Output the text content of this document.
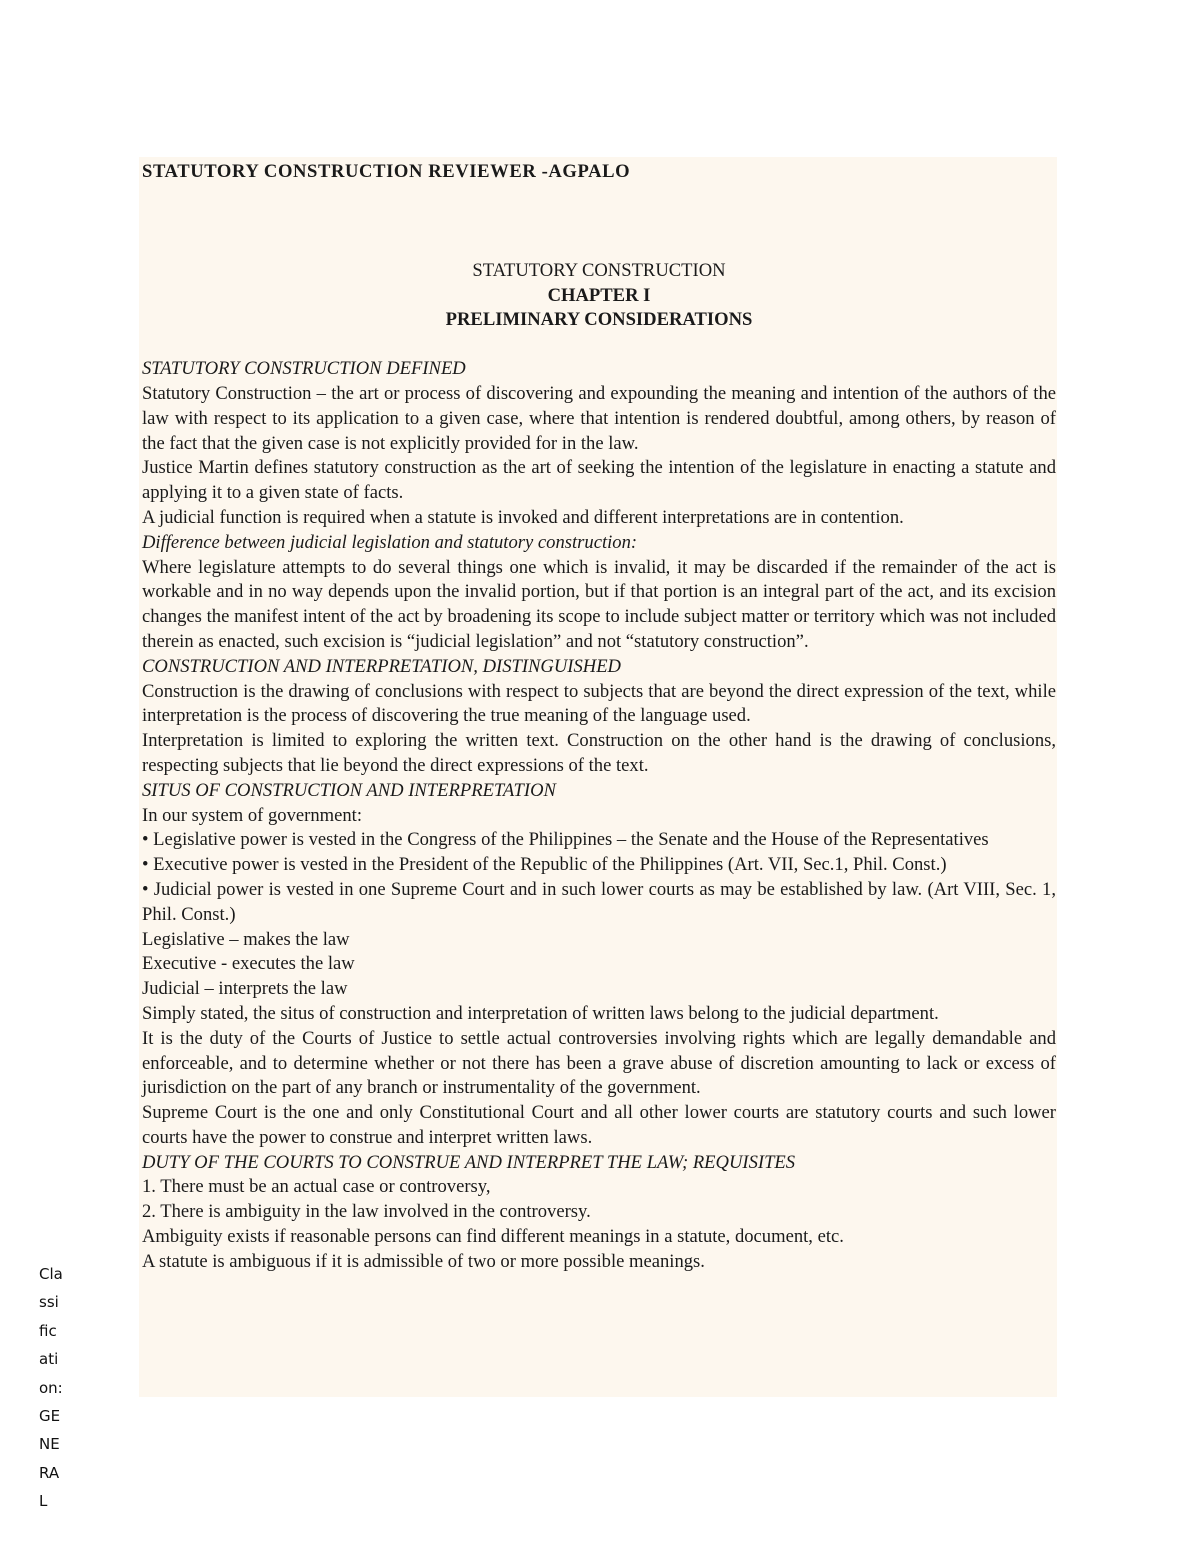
STATUTORY CONSTRUCTION REVIEWER -AGPALO

STATUTORY CONSTRUCTION

CHAPTER I

PRELIMINARY CONSIDERATIONS

STATUTORY CONSTRUCTION DEFINED

Statutory Construction – the art or process of discovering and expounding the meaning and intention of the authors of the law with respect to its application to a given case, where that intention is rendered doubtful, among others, by reason of the fact that the given case is not explicitly provided for in the law.

Justice Martin defines statutory construction as the art of seeking the intention of the legislature in enacting a statute and applying it to a given state of facts.

A judicial function is required when a statute is invoked and different interpretations are in contention.

Difference between judicial legislation and statutory construction:

Where legislature attempts to do several things one which is invalid, it may be discarded if the remainder of the act is workable and in no way depends upon the invalid portion, but if that portion is an integral part of the act, and its excision changes the manifest intent of the act by broadening its scope to include subject matter or territory which was not included therein as enacted, such excision is “judicial legislation” and not “statutory construction”.

CONSTRUCTION AND INTERPRETATION, DISTINGUISHED

Construction is the drawing of conclusions with respect to subjects that are beyond the direct expression of the text, while interpretation is the process of discovering the true meaning of the language used.

Interpretation is limited to exploring the written text. Construction on the other hand is the drawing of conclusions, respecting subjects that lie beyond the direct expressions of the text.

SITUS OF CONSTRUCTION AND INTERPRETATION

In our system of government:

• Legislative power is vested in the Congress of the Philippines – the Senate and the House of the Representatives

• Executive power is vested in the President of the Republic of the Philippines (Art. VII, Sec.1, Phil. Const.)

• Judicial power is vested in one Supreme Court and in such lower courts as may be established by law. (Art VIII, Sec. 1, Phil. Const.)

Legislative – makes the law

Executive - executes the law

Judicial – interprets the law

Simply stated, the situs of construction and interpretation of written laws belong to the judicial department.

It is the duty of the Courts of Justice to settle actual controversies involving rights which are legally demandable and enforceable, and to determine whether or not there has been a grave abuse of discretion amounting to lack or excess of jurisdiction on the part of any branch or instrumentality of the government.

Supreme Court is the one and only Constitutional Court and all other lower courts are statutory courts and such lower courts have the power to construe and interpret written laws.

DUTY OF THE COURTS TO CONSTRUE AND INTERPRET THE LAW; REQUISITES

1. There must be an actual case or controversy,

2. There is ambiguity in the law involved in the controversy.

Ambiguity exists if reasonable persons can find different meanings in a statute, document, etc.

A statute is ambiguous if it is admissible of two or more possible meanings.

Cla
ssi
fic
ati
on:
GE
NE
RA
L
